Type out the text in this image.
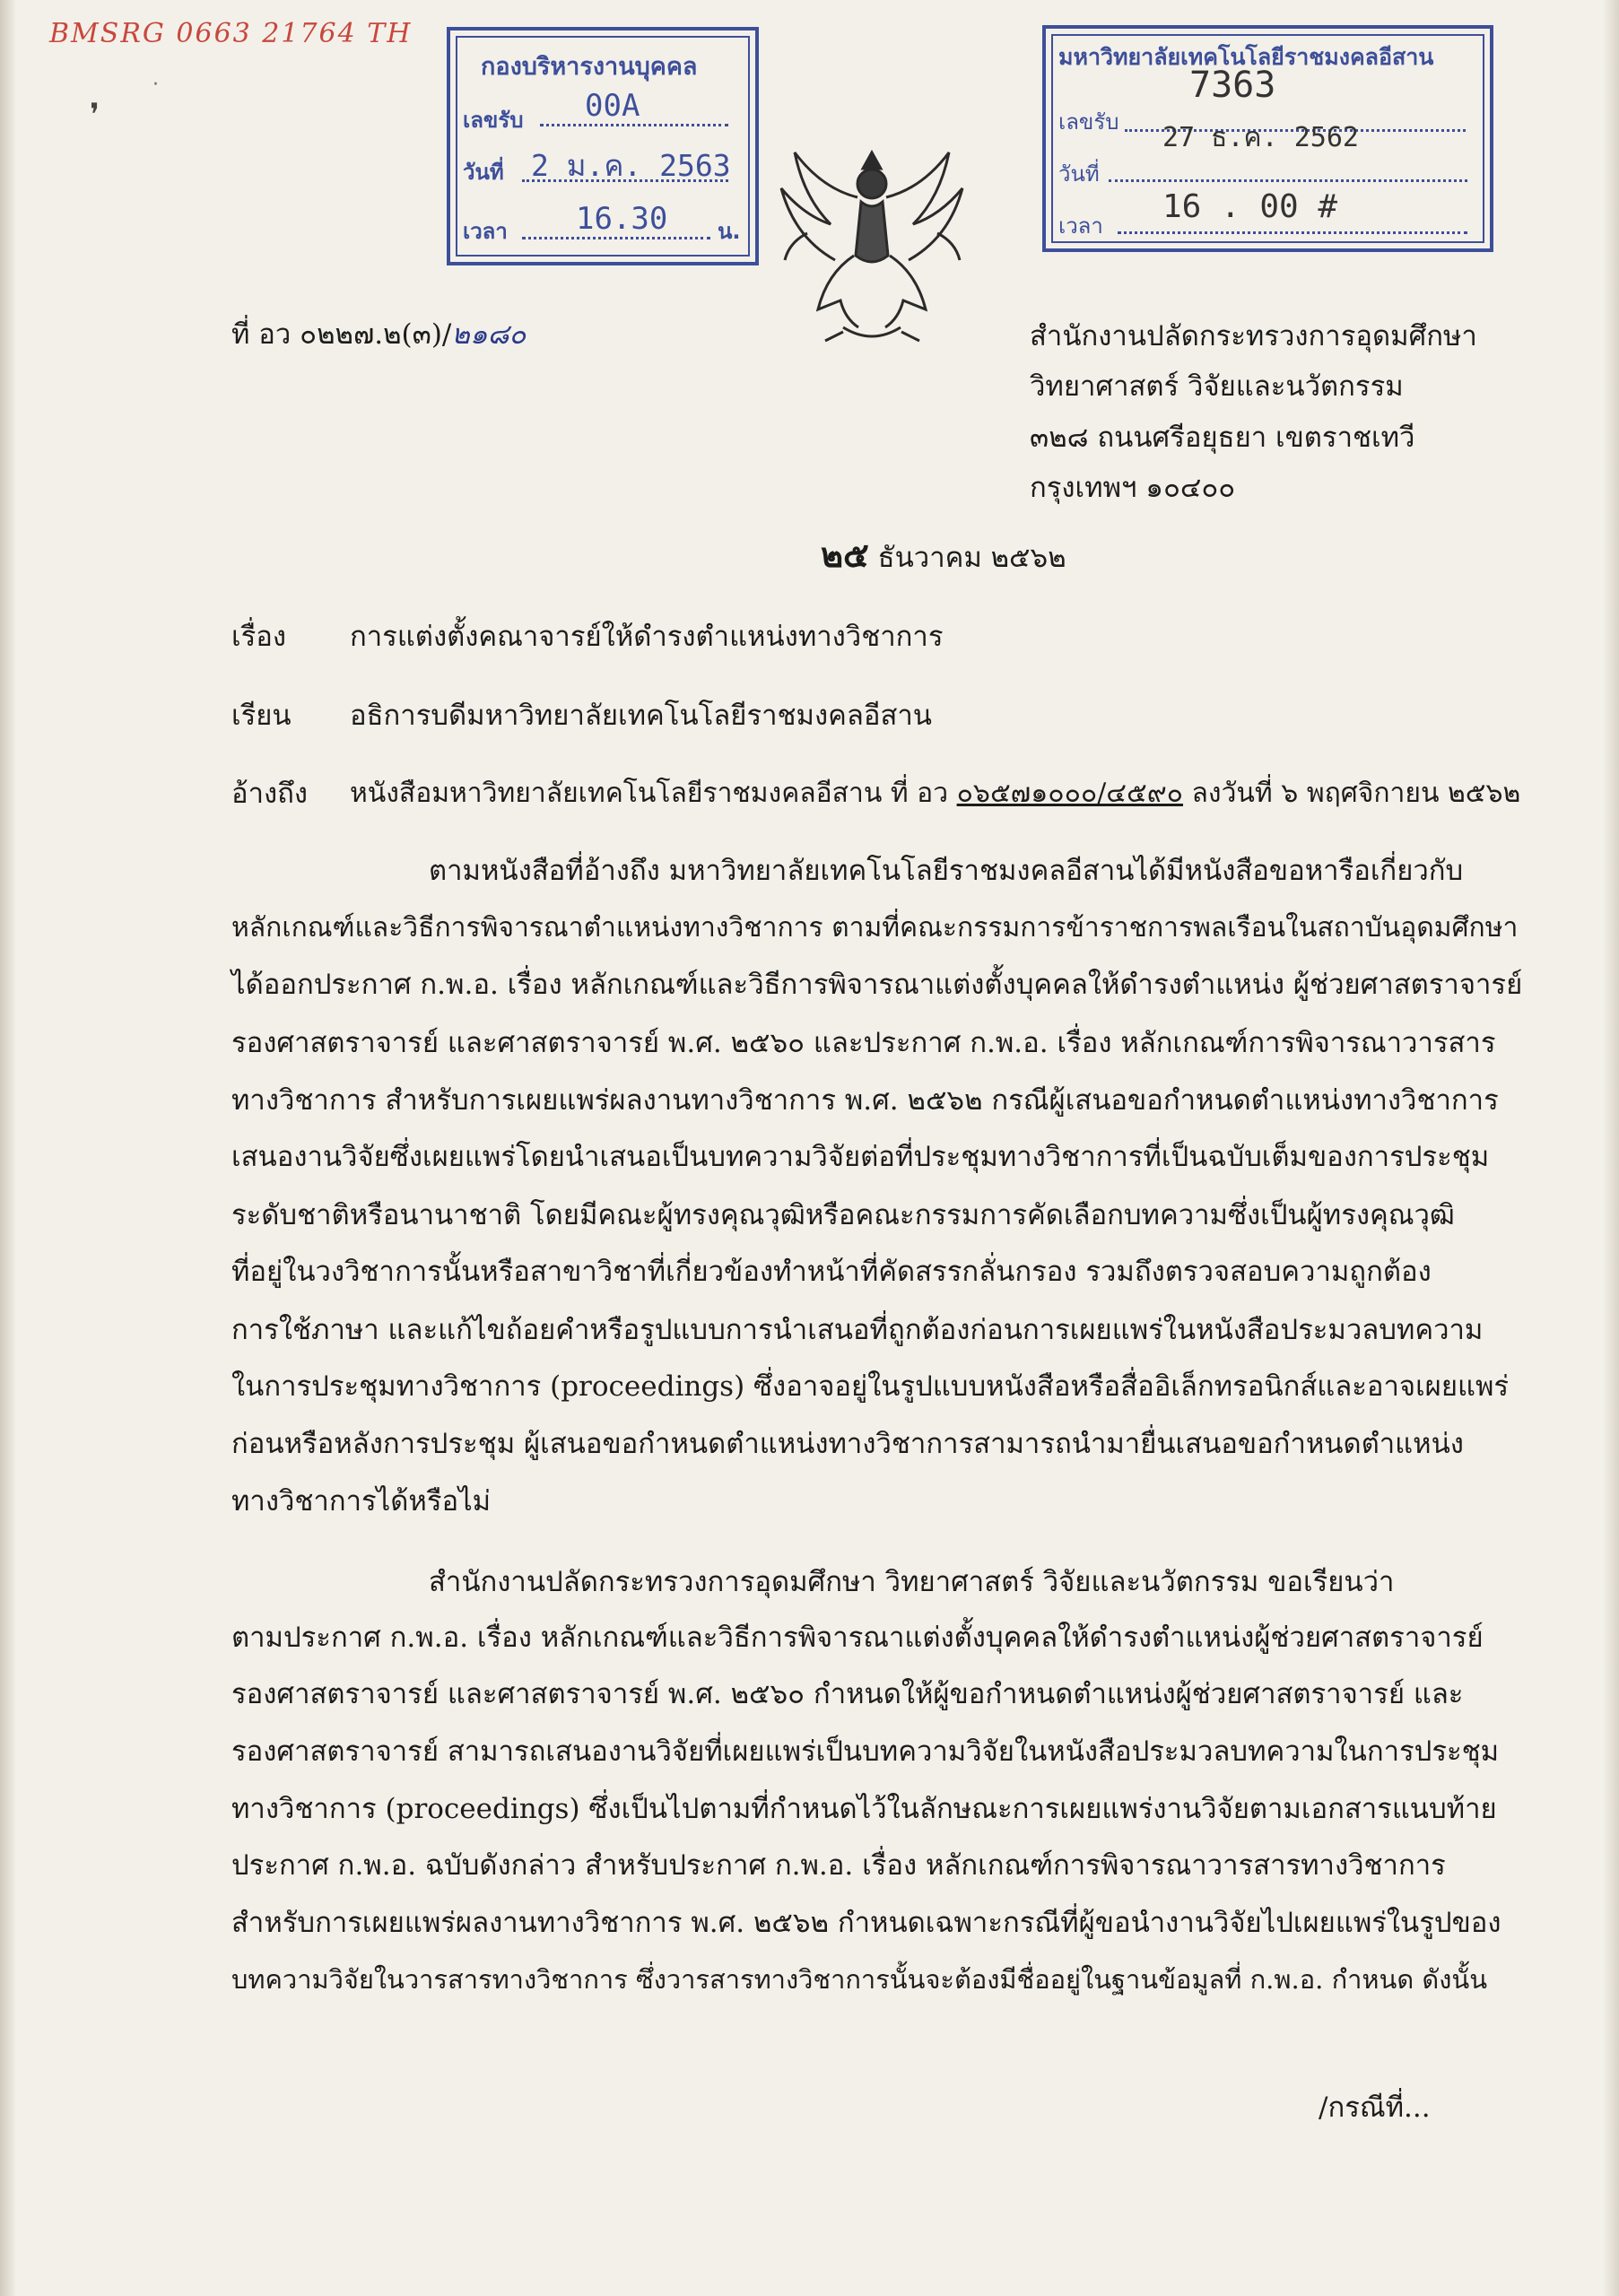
BMSRG 0663 21764 TH
❜
·
กองบริหารงานบุคคล
เลขรับ 00A
วันที่ 2 ม.ค. 2563
เวลา 16.30 น.
มหาวิทยาลัยเทคโนโลยีราชมงคลอีสาน
เลขรับ
7363
27 ธ.ค. 2562
วันที่
เวลา
16 . 00 #
ที่ อว ๐๒๒๗.๒(๓)/๒๑๘๐	สำนักงานปลัดกระทรวงการอุดมศึกษา
วิทยาศาสตร์ วิจัยและนวัตกรรม
๓๒๘ ถนนศรีอยุธยา เขตราชเทวี
กรุงเทพฯ ๑๐๔๐๐
๒๕ ธันวาคม ๒๕๖๒
เรื่อง การแต่งตั้งคณาจารย์ให้ดำรงตำแหน่งทางวิชาการ
เรียน อธิการบดีมหาวิทยาลัยเทคโนโลยีราชมงคลอีสาน
อ้างถึง หนังสือมหาวิทยาลัยเทคโนโลยีราชมงคลอีสาน ที่ อว ๐๖๕๗๑๐๐๐/๔๕๙๐ ลงวันที่ ๖ พฤศจิกายน ๒๕๖๒
ตามหนังสือที่อ้างถึง มหาวิทยาลัยเทคโนโลยีราชมงคลอีสานได้มีหนังสือขอหารือเกี่ยวกับ
หลักเกณฑ์และวิธีการพิจารณาตำแหน่งทางวิชาการ ตามที่คณะกรรมการข้าราชการพลเรือนในสถาบันอุดมศึกษา
ได้ออกประกาศ ก.พ.อ. เรื่อง หลักเกณฑ์และวิธีการพิจารณาแต่งตั้งบุคคลให้ดำรงตำแหน่ง ผู้ช่วยศาสตราจารย์
รองศาสตราจารย์ และศาสตราจารย์ พ.ศ. ๒๕๖๐ และประกาศ ก.พ.อ. เรื่อง หลักเกณฑ์การพิจารณาวารสาร
ทางวิชาการ สำหรับการเผยแพร่ผลงานทางวิชาการ พ.ศ. ๒๕๖๒ กรณีผู้เสนอขอกำหนดตำแหน่งทางวิชาการ
เสนองานวิจัยซึ่งเผยแพร่โดยนำเสนอเป็นบทความวิจัยต่อที่ประชุมทางวิชาการที่เป็นฉบับเต็มของการประชุม
ระดับชาติหรือนานาชาติ โดยมีคณะผู้ทรงคุณวุฒิหรือคณะกรรมการคัดเลือกบทความซึ่งเป็นผู้ทรงคุณวุฒิ
ที่อยู่ในวงวิชาการนั้นหรือสาขาวิชาที่เกี่ยวข้องทำหน้าที่คัดสรรกลั่นกรอง รวมถึงตรวจสอบความถูกต้อง
การใช้ภาษา และแก้ไขถ้อยคำหรือรูปแบบการนำเสนอที่ถูกต้องก่อนการเผยแพร่ในหนังสือประมวลบทความ
ในการประชุมทางวิชาการ (proceedings) ซึ่งอาจอยู่ในรูปแบบหนังสือหรือสื่ออิเล็กทรอนิกส์และอาจเผยแพร่
ก่อนหรือหลังการประชุม ผู้เสนอขอกำหนดตำแหน่งทางวิชาการสามารถนำมายื่นเสนอขอกำหนดตำแหน่ง
ทางวิชาการได้หรือไม่
สำนักงานปลัดกระทรวงการอุดมศึกษา วิทยาศาสตร์ วิจัยและนวัตกรรม ขอเรียนว่า
ตามประกาศ ก.พ.อ. เรื่อง หลักเกณฑ์และวิธีการพิจารณาแต่งตั้งบุคคลให้ดำรงตำแหน่งผู้ช่วยศาสตราจารย์
รองศาสตราจารย์ และศาสตราจารย์ พ.ศ. ๒๕๖๐ กำหนดให้ผู้ขอกำหนดตำแหน่งผู้ช่วยศาสตราจารย์ และ
รองศาสตราจารย์ สามารถเสนองานวิจัยที่เผยแพร่เป็นบทความวิจัยในหนังสือประมวลบทความในการประชุม
ทางวิชาการ (proceedings) ซึ่งเป็นไปตามที่กำหนดไว้ในลักษณะการเผยแพร่งานวิจัยตามเอกสารแนบท้าย
ประกาศ ก.พ.อ. ฉบับดังกล่าว สำหรับประกาศ ก.พ.อ. เรื่อง หลักเกณฑ์การพิจารณาวารสารทางวิชาการ
สำหรับการเผยแพร่ผลงานทางวิชาการ พ.ศ. ๒๕๖๒ กำหนดเฉพาะกรณีที่ผู้ขอนำงานวิจัยไปเผยแพร่ในรูปของ
บทความวิจัยในวารสารทางวิชาการ ซึ่งวารสารทางวิชาการนั้นจะต้องมีชื่ออยู่ในฐานข้อมูลที่ ก.พ.อ. กำหนด ดังนั้น
/กรณีที่...
